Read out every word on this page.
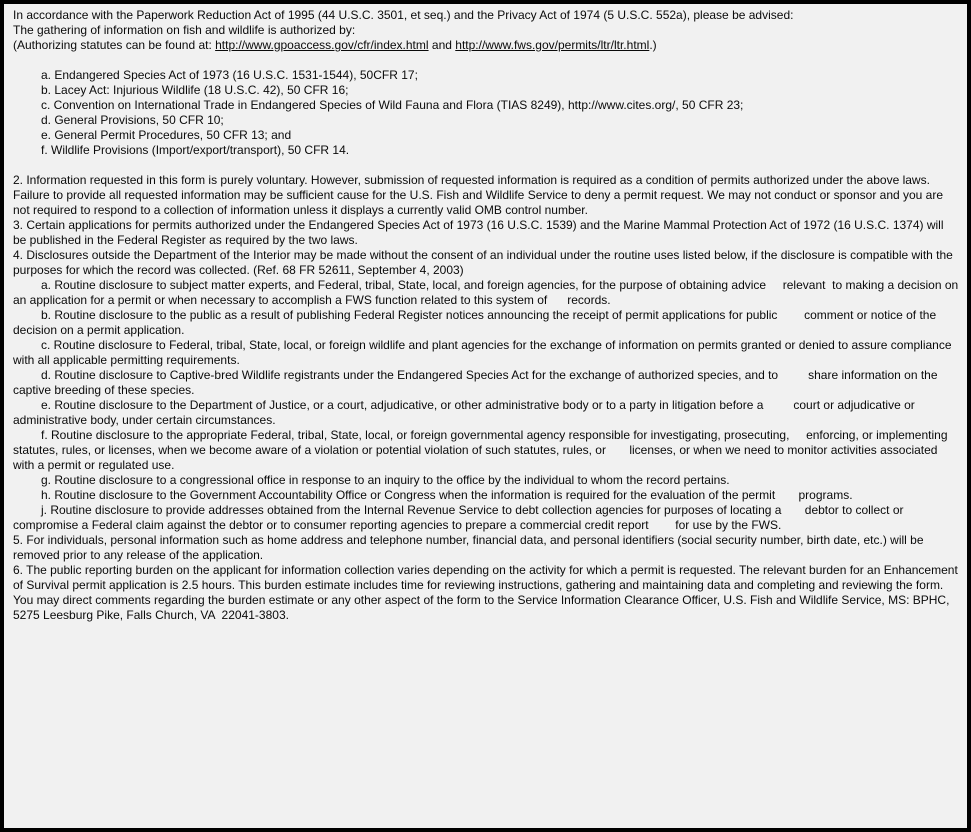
In accordance with the Paperwork Reduction Act of 1995 (44 U.S.C. 3501, et seq.) and the Privacy Act of 1974 (5 U.S.C. 552a), please be advised:

The gathering of information on fish and wildlife is authorized by:

(Authorizing statutes can be found at: http://www.gpoaccess.gov/cfr/index.html and http://www.fws.gov/permits/ltr/ltr.html.)

a. Endangered Species Act of 1973 (16 U.S.C. 1531-1544), 50CFR 17;
b. Lacey Act: Injurious Wildlife (18 U.S.C. 42), 50 CFR 16;
c. Convention on International Trade in Endangered Species of Wild Fauna and Flora (TIAS 8249), http://www.cites.org/, 50 CFR 23;
d. General Provisions, 50 CFR 10;
e. General Permit Procedures, 50 CFR 13; and
f. Wildlife Provisions (Import/export/transport), 50 CFR 14.

2. Information requested in this form is purely voluntary. However, submission of requested information is required as a condition of permits authorized under the above laws. Failure to provide all requested information may be sufficient cause for the U.S. Fish and Wildlife Service to deny a permit request. We may not conduct or sponsor and you are not required to respond to a collection of information unless it displays a currently valid OMB control number.

3. Certain applications for permits authorized under the Endangered Species Act of 1973 (16 U.S.C. 1539) and the Marine Mammal Protection Act of 1972 (16 U.S.C. 1374) will be published in the Federal Register as required by the two laws.

4. Disclosures outside the Department of the Interior may be made without the consent of an individual under the routine uses listed below, if the disclosure is compatible with the purposes for which the record was collected. (Ref. 68 FR 52611, September 4, 2003)

a. Routine disclosure to subject matter experts, and Federal, tribal, State, local, and foreign agencies, for the purpose of obtaining advice     relevant  to making a decision on an application for a permit or when necessary to accomplish a FWS function related to this system of      records.

b. Routine disclosure to the public as a result of publishing Federal Register notices announcing the receipt of permit applications for public        comment or notice of the decision on a permit application.

c. Routine disclosure to Federal, tribal, State, local, or foreign wildlife and plant agencies for the exchange of information on permits granted or denied to assure compliance with all applicable permitting requirements.

d. Routine disclosure to Captive-bred Wildlife registrants under the Endangered Species Act for the exchange of authorized species, and to         share information on the captive breeding of these species.

e. Routine disclosure to the Department of Justice, or a court, adjudicative, or other administrative body or to a party in litigation before a         court or adjudicative or administrative body, under certain circumstances.

f. Routine disclosure to the appropriate Federal, tribal, State, local, or foreign governmental agency responsible for investigating, prosecuting,     enforcing, or implementing statutes, rules, or licenses, when we become aware of a violation or potential violation of such statutes, rules, or       licenses, or when we need to monitor activities associated with a permit or regulated use.

g. Routine disclosure to a congressional office in response to an inquiry to the office by the individual to whom the record pertains.

h. Routine disclosure to the Government Accountability Office or Congress when the information is required for the evaluation of the permit       programs.

j. Routine disclosure to provide addresses obtained from the Internal Revenue Service to debt collection agencies for purposes of locating a       debtor to collect or compromise a Federal claim against the debtor or to consumer reporting agencies to prepare a commercial credit report        for use by the FWS.

5. For individuals, personal information such as home address and telephone number, financial data, and personal identifiers (social security number, birth date, etc.) will be removed prior to any release of the application.

6. The public reporting burden on the applicant for information collection varies depending on the activity for which a permit is requested. The relevant burden for an Enhancement of Survival permit application is 2.5 hours. This burden estimate includes time for reviewing instructions, gathering and maintaining data and completing and reviewing the form. You may direct comments regarding the burden estimate or any other aspect of the form to the Service Information Clearance Officer, U.S. Fish and Wildlife Service, MS: BPHC, 5275 Leesburg Pike, Falls Church, VA  22041-3803.
